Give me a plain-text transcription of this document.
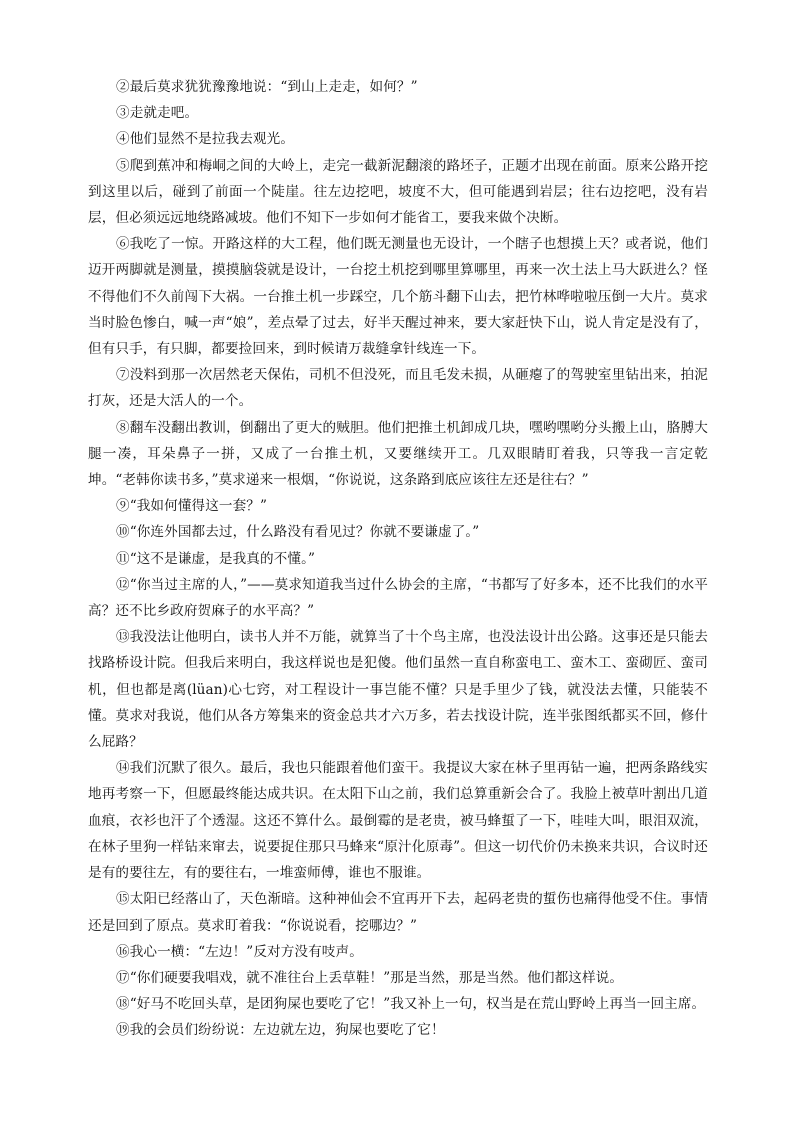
②最后莫求犹犹豫豫地说：“到山上走走，如何？”

③走就走吧。

④他们显然不是拉我去观光。

⑤爬到蕉冲和梅峒之间的大岭上，走完一截新泥翻滚的路坯子，正题才出现在前面。原来公路开挖到这里以后，碰到了前面一个陡崖。往左边挖吧，坡度不大，但可能遇到岩层；往右边挖吧，没有岩层，但必须远远地绕路减坡。他们不知下一步如何才能省工，要我来做个决断。

⑥我吃了一惊。开路这样的大工程，他们既无测量也无设计，一个瞎子也想摸上天？或者说，他们迈开两脚就是测量，摸摸脑袋就是设计，一台挖土机挖到哪里算哪里，再来一次土法上马大跃进么？怪不得他们不久前闯下大祸。一台推土机一步踩空，几个筋斗翻下山去，把竹林哗啦啦压倒一大片。莫求当时脸色惨白，喊一声“娘”，差点晕了过去，好半天醒过神来，要大家赶快下山，说人肯定是没有了，但有只手，有只脚，都要捡回来，到时候请万裁缝拿针线连一下。

⑦没料到那一次居然老天保佑，司机不但没死，而且毛发未损，从砸瘪了的驾驶室里钻出来，拍泥打灰，还是大活人的一个。

⑧翻车没翻出教训，倒翻出了更大的贼胆。他们把推土机卸成几块，嘿哟嘿哟分头搬上山，胳膊大腿一凑，耳朵鼻子一拼，又成了一台推土机，又要继续开工。几双眼睛盯着我，只等我一言定乾坤。“老韩你读书多，”莫求递来一根烟，“你说说，这条路到底应该往左还是往右？”

⑨“我如何懂得这一套？”

⑩“你连外国都去过，什么路没有看见过？你就不要谦虚了。”

⑪“这不是谦虚，是我真的不懂。”

⑫“你当过主席的人，”——莫求知道我当过什么协会的主席，“书都写了好多本，还不比我们的水平高？还不比乡政府贺麻子的水平高？”

⑬我没法让他明白，读书人并不万能，就算当了十个鸟主席，也没法设计出公路。这事还是只能去找路桥设计院。但我后来明白，我这样说也是犯傻。他们虽然一直自称蛮电工、蛮木工、蛮砌匠、蛮司机，但也都是离(lüan)心七窍，对工程设计一事岂能不懂？只是手里少了钱，就没法去懂，只能装不懂。莫求对我说，他们从各方筹集来的资金总共才六万多，若去找设计院，连半张图纸都买不回，修什么屁路？

⑭我们沉默了很久。最后，我也只能跟着他们蛮干。我提议大家在林子里再钻一遍，把两条路线实地再考察一下，但愿最终能达成共识。在太阳下山之前，我们总算重新会合了。我脸上被草叶割出几道血痕，衣衫也汗了个透湿。这还不算什么。最倒霉的是老贵，被马蜂蜇了一下，哇哇大叫，眼泪双流，在林子里狗一样钻来窜去，说要捉住那只马蜂来“原汁化原毒”。但这一切代价仍未换来共识，合议时还是有的要往左，有的要往右，一堆蛮师傅，谁也不服谁。

⑮太阳已经落山了，天色渐暗。这种神仙会不宜再开下去，起码老贵的蜇伤也痛得他受不住。事情还是回到了原点。莫求盯着我：“你说说看，挖哪边？”

⑯我心一横：“左边！”反对方没有吱声。

⑰“你们硬要我唱戏，就不准往台上丢草鞋！”那是当然，那是当然。他们都这样说。

⑱“好马不吃回头草，是团狗屎也要吃了它！”我又补上一句，权当是在荒山野岭上再当一回主席。

⑲我的会员们纷纷说：左边就左边，狗屎也要吃了它！
